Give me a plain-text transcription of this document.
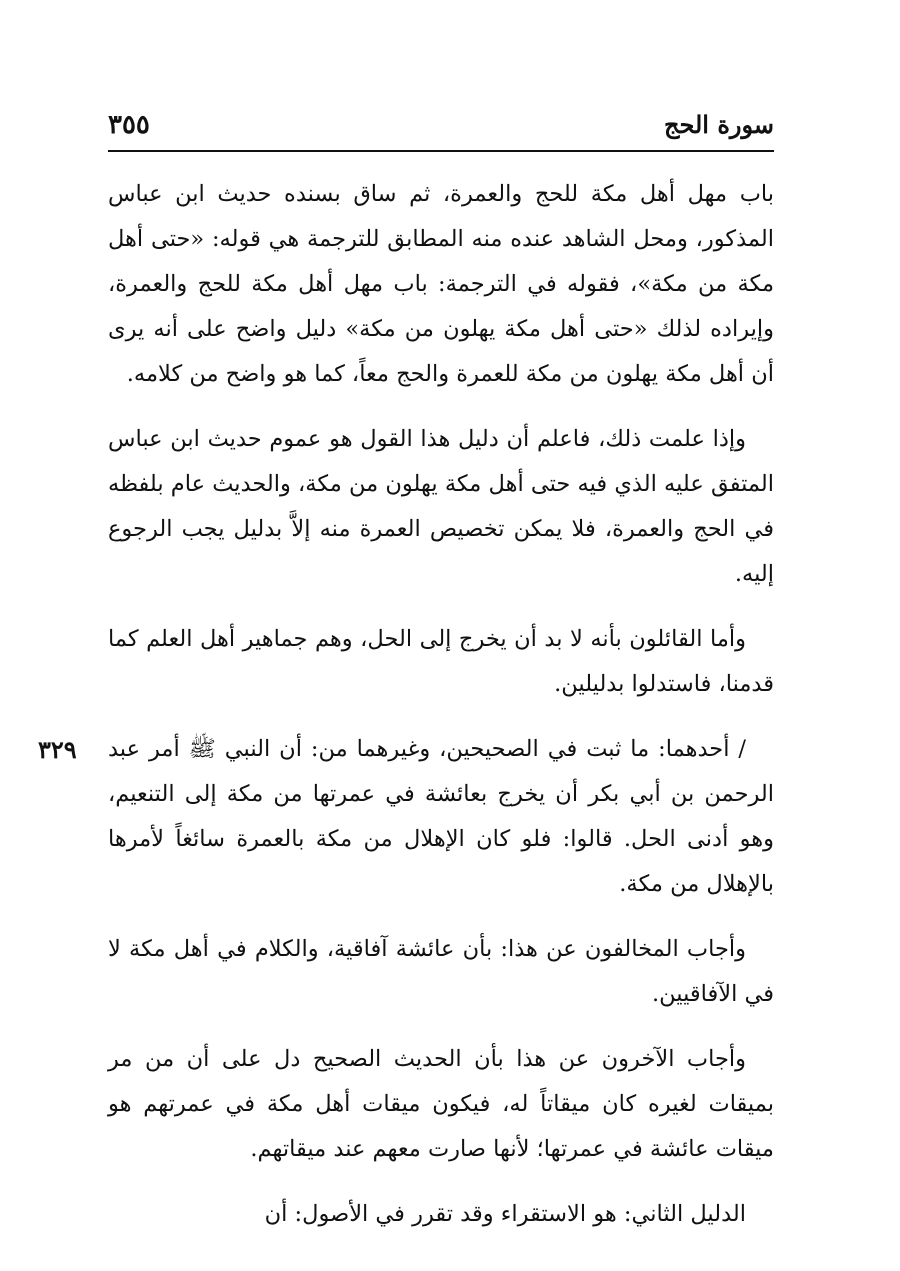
سورة الحج
٣٥٥

باب مهل أهل مكة للحج والعمرة، ثم ساق بسنده حديث ابن عباس المذكور، ومحل الشاهد عنده منه المطابق للترجمة هي قوله: «حتى أهل مكة من مكة»، فقوله في الترجمة: باب مهل أهل مكة للحج والعمرة، وإيراده لذلك «حتى أهل مكة يهلون من مكة» دليل واضح على أنه يرى أن أهل مكة يهلون من مكة للعمرة والحج معاً، كما هو واضح من كلامه.

وإذا علمت ذلك، فاعلم أن دليل هذا القول هو عموم حديث ابن عباس المتفق عليه الذي فيه حتى أهل مكة يهلون من مكة، والحديث عام بلفظه في الحج والعمرة، فلا يمكن تخصيص العمرة منه إلاَّ بدليل يجب الرجوع إليه.

وأما القائلون بأنه لا بد أن يخرج إلى الحل، وهم جماهير أهل العلم كما قدمنا، فاستدلوا بدليلين.

٣٢٩	/ أحدهما: ما ثبت في الصحيحين، وغيرهما من: أن النبي ﷺ أمر عبد الرحمن بن أبي بكر أن يخرج بعائشة في عمرتها من مكة إلى التنعيم، وهو أدنى الحل. قالوا: فلو كان الإهلال من مكة بالعمرة سائغاً لأمرها بالإهلال من مكة.

وأجاب المخالفون عن هذا: بأن عائشة آفاقية، والكلام في أهل مكة لا في الآفاقيين.

وأجاب الآخرون عن هذا بأن الحديث الصحيح دل على أن من مر بميقات لغيره كان ميقاتاً له، فيكون ميقات أهل مكة في عمرتهم هو ميقات عائشة في عمرتها؛ لأنها صارت معهم عند ميقاتهم.

الدليل الثاني: هو الاستقراء وقد تقرر في الأصول: أن
